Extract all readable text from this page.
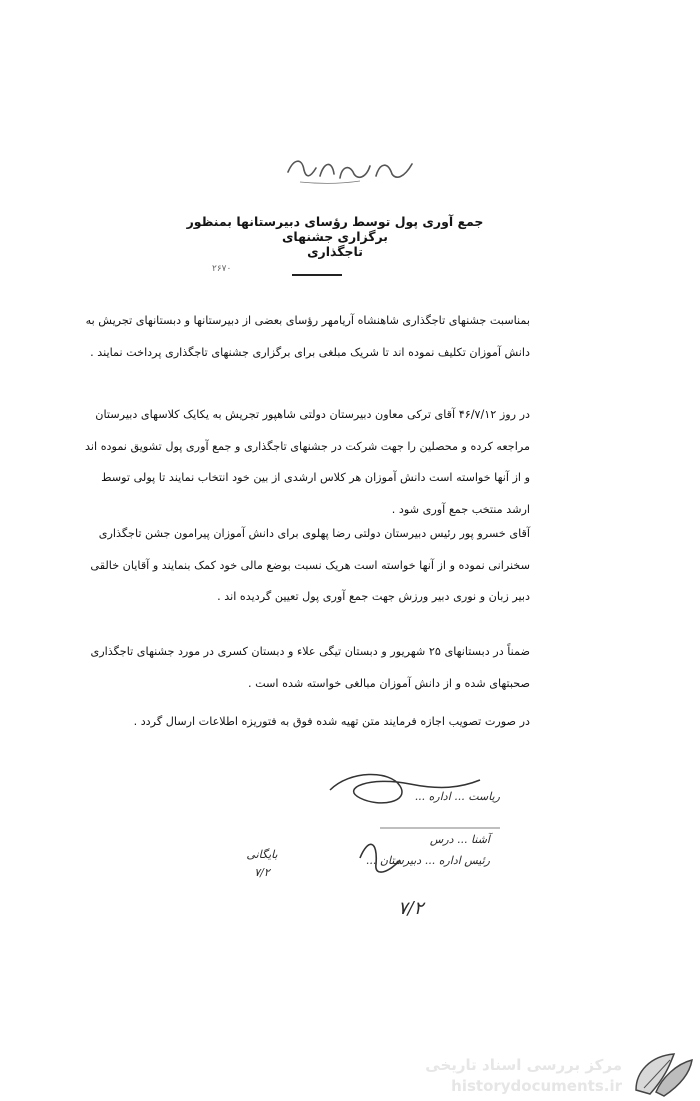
جمع آوری پول توسط رؤسای دبیرستانها بمنظور برگزاری جشنهای
تاجگذاری
۲۶۷۰
بمناسبت جشنهای تاجگذاری شاهنشاه آریامهر رؤسای بعضی از دبیرستانها و دبستانهای تجریش به دانش آموزان تکلیف نموده اند تا شریک مبلغی برای برگزاری جشنهای تاجگذاری پرداخت نمایند .
در روز ۴۶/۷/۱۲ آقای ترکی معاون دبیرستان دولتی شاهپور تجریش به یکایک کلاسهای دبیرستان مراجعه کرده و محصلین را جهت شرکت در جشنهای تاجگذاری و جمع آوری پول تشویق نموده اند و از آنها خواسته است دانش آموزان هر کلاس ارشدی از بین خود انتخاب نمایند تا پولی توسط ارشد منتخب جمع آوری شود .
آقای خسرو پور رئیس دبیرستان دولتی رضا پهلوی برای دانش آموزان پیرامون جشن تاجگذاری سخنرانی نموده و از آنها خواسته است هریک نسبت بوضع مالی خود کمک بنمایند و آقایان خالقی دبیر زبان و نوری دبیر ورزش جهت جمع آوری پول تعیین گردیده اند .
ضمناً در دبستانهای ۲۵ شهریور و دبستان تیگی علاء و دبستان کسری در مورد جشنهای تاجگذاری صحبتهای شده و از دانش آموزان مبالغی خواسته شده است .
در صورت تصویب اجازه فرمایند متن تهیه شده فوق به فتوریزه اطلاعات ارسال گردد .
ریاست ... اداره ...
آشنا ... درس
رئیس اداره ... دبیرستان ...
۷/۲
بایگانی
۷/۲
مرکز بررسی اسناد تاریخی
historydocuments.ir
